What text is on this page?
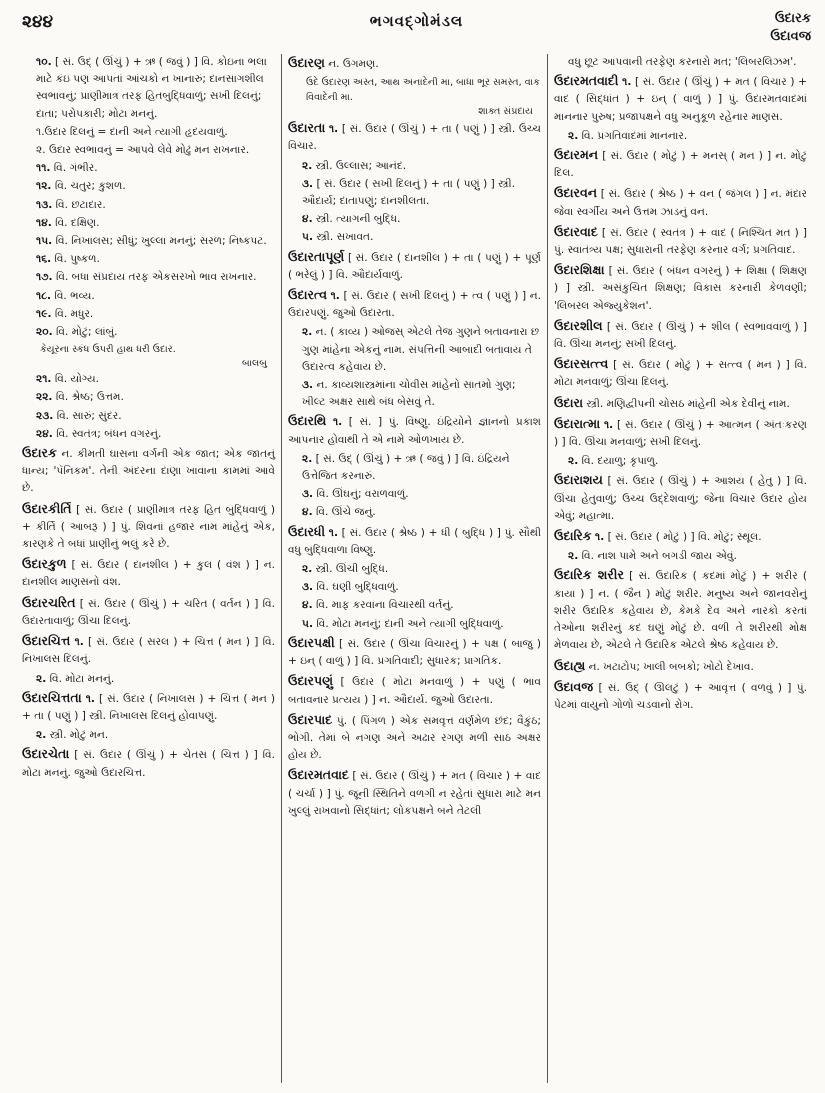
૨૪૪	ભગવદ્ગોમંડલ	ઉદારક
ઉદાવજ
૧૦. [ સં. ઉદ્ ( ઊંચું ) + ઋ ( જવું ) ] વિ. કોઇના ભલા માટે કંઇ પણ આપતાં આંચકો ન ખાનારું; દાનસાગશીલ સ્વભાવનું; પ્રાણીમાત્ર તરફ હિતબુદ્ધિવાળું; સખી દિલનું; દાતા; પરોપકારી; મોટા મનનું.
૧.ઉદાર દિલનું = દાની અને ત્યાગી હૃદયવાળું.
૨. ઉદાર સ્વભાવનું = આપવે લેવે મોઢું મન રાખનાર.
૧૧. વિ. ગંભીર.
૧૨. વિ. ચતુર; કુશળ.
૧૩. વિ. છટાદાર.
૧૪. વિ. દક્ષિણ.
૧૫. વિ. નિખાલસ; સીધું; ખુલ્લા મનનું; સરળ; નિષ્કપટ.
૧૬. વિ. પુષ્કળ.
૧૭. વિ. બધા સંપ્રદાય તરફ એકસરખો ભાવ રાખનાર.
૧૮. વિ. ભવ્ય.
૧૯. વિ. મધુર.
૨૦. વિ. મોટું; લાંબું.
કેયૂરના સ્કંધ ઉપરી હાથ ધરી ઉદાર.
બાલબુ
૨૧. વિ. યોગ્ય.
૨૨. વિ. શ્રેષ્ઠ; ઉત્તમ.
૨૩. વિ. સારું; સુંદર.
૨૪. વિ. સ્વતંત્ર; બંધન વગરનું.
ઉદારક ન. કીમતી ઘાસના વર્ગની એક જાત; એક જાતનું ધાન્ય; 'પૅનિકમ'. તેની અંદરના દાણા ખાવાના કામમાં આવે છે.
ઉદારકીર્તિ [ સં. ઉદાર ( પ્રાણીમાત્ર તરફ હિત બુદ્ધિવાળું ) + કીર્તિ ( આબરૂ ) ] પું. શિવનાં હજાર નામ માંહેનું એક, કારણકે તે બધાં પ્રાણીનું ભલું કરે છે.
ઉદારકુળ [ સં. ઉદાર ( દાનશીલ ) + કુલ ( વંશ ) ] ન. દાનશીલ માણસનો વંશ.
ઉદારચરિત [ સં. ઉદાર ( ઊંચું ) + ચરિત ( વર્તન ) ] વિ. ઉદારતાવાળું; ઊંચા દિલનું.
ઉદારચિત્ત ૧. [ સં. ઉદાર ( સરલ ) + ચિત્ત ( મન ) ] વિ. નિખાલસ દિલનું.
૨. વિ. મોટા મનનું.
ઉદારચિત્તતા ૧. [ સં. ઉદાર ( નિખાલસ ) + ચિત્ત ( મન ) + તા ( પણું ) ] સ્ત્રી. નિખાલસ દિલનું હોવાપણું.
૨. સ્ત્રી. મોટું મન.
ઉદારચેતા [ સં. ઉદાર ( ઊંચું ) + ચેતસ ( ચિત્ત ) ] વિ. મોટા મનનું. જુઓ ઉદારચિત્ત.
ઉદારણ ન. ઉગમણ.
ઉદે ઉદારણ અસ્ત, આથ અનાદેની મા, બાધા ભૂર સમસ્ત, વાક વિવાદેની મા.
શાક્ત સંપ્રદાય
ઉદારતા ૧. [ સં. ઉદાર ( ઊંચું ) + તા ( પણું ) ] સ્ત્રી. ઉચ્ચ વિચાર.
૨. સ્ત્રી. ઉલ્લાસ; આનંદ.
૩. [ સં. ઉદાર ( સખી દિલનું ) + તા ( પણું ) ] સ્ત્રી. ઔદાર્ય; દાતાપણું; દાનશીલતા.
૪. સ્ત્રી. ત્યાગની બુદ્ધિ.
૫. સ્ત્રી. સખાવત.
ઉદારતાપૂર્ણ [ સં. ઉદાર ( દાનશીલ ) + તા ( પણું ) + પૂર્ણ ( ભરેલું ) ] વિ. ઔદાર્યવાળું.
ઉદારત્વ ૧. [ સં. ઉદાર ( સખી દિલનું ) + ત્વ ( પણું ) ] ન. ઉદારપણું. જુઓ ઉદારતા.
૨. ન. ( કાવ્ય ) ઓજસ્ એટલે તેજ ગુણને બતાવનારા છ ગુણ માંહેના એકનું નામ. સંપત્તિની આબાદી બતાવાય તે ઉદારત્વ કહેવાય છે.
૩. ન. કાવ્યશાસ્ત્રમાંના ચોવીસ માંહેનો સાતમો ગુણ; ખીલ્ટ અક્ષર સાથે બંધ બેસવું તે.
ઉદારથિ ૧. [ સં. ] પું. વિષ્ણુ. ઇંદ્રિયોને જ્ઞાનનો પ્રકાશ આપનાર હોવાથી તે એ નામે ઓળખાય છે.
૨. [ સં. ઉદ્ ( ઊંચું ) + ઋ ( જવું ) ] વિ. ઇંદ્રિયને ઉત્તેજિત કરનારું.
૩. વિ. ઊંઘનું; વરાળવાળું.
૪. વિ. ઊંચે જનું.
ઉદારધી ૧. [ સં. ઉદાર ( શ્રેષ્ઠ ) + ધી ( બુદ્ધિ ) ] પું. સૌથી વધુ બુદ્ધિવાળા વિષ્ણુ.
૨. સ્ત્રી. ઊંચી બુદ્ધિ.
૩. વિ. ઘણી બુદ્ધિવાળું.
૪. વિ. માફ કરવાના વિચારથી વર્તનું.
૫. વિ. મોટા મનનું; દાની અને ત્યાગી બુદ્ધિવાળું.
ઉદારપક્ષી [ સં. ઉદાર ( ઊંચા વિચારનું ) + પક્ષ ( બાજુ ) + ઇન્ ( વાળું ) ] વિ. પ્રગતિવાદી; સુધારક; પ્રાગતિક.
ઉદારપણું [ ઉદાર ( મોટા મનવાળું ) + પણું ( ભાવ બતાવનાર પ્રત્યય ) ] ન. ઔદાર્ય. જુઓ ઉદારતા.
ઉદારપાદ પું. ( પિંગળ ) એક સમવૃત્ત વર્ણમેળ છંદ; વૈકુંઠ; ભોગી. તેમાં બે નગણ અને અઢાર રગણ મળી સાઠ અક્ષર હોય છે.
ઉદારમતવાદ [ સં. ઉદાર ( ઊંચું ) + મત ( વિચાર ) + વાદ ( ચર્ચા ) ] પું. જૂની સ્થિતિને વળગી ન રહેતાં સુધારા માટે મન ખુલ્લું રાખવાનો સિદ્ધાંત; લોકપક્ષને બને તેટલી
વધુ છૂટ આપવાની તરફેણ કરનારો મત; 'લિબરલિઝમ'.
ઉદારમતવાદી ૧. [ સં. ઉદાર ( ઊંચું ) + મત ( વિચાર ) + વાદ ( સિદ્ધાંત ) + ઇન્ ( વાળું ) ] પું. ઉદારમતવાદમાં માનનાર પુરુષ; પ્રજાપક્ષને વધુ અનુકૂળ રહેનાર માણસ.
૨. વિ. પ્રગતિવાદમાં માનનાર.
ઉદારમન [ સં. ઉદાર ( મોટું ) + મનસ્ ( મન ) ] ન. મોટું દિલ.
ઉદારવન [ સં. ઉદાર ( શ્રેષ્ઠ ) + વન ( જંગલ ) ] ન. મંદાર જેવા સ્વર્ગીય અને ઉત્તમ ઝાડનું વન.
ઉદારવાદ [ સં. ઉદાર ( સ્વતંત્ર ) + વાદ ( નિશ્ચિત મત ) ] પું. સ્વાતંત્ર્ય પક્ષ; સુધારાની તરફેણ કરનાર વર્ગ; પ્રગતિવાદ.
ઉદારશિક્ષા [ સં. ઉદાર ( બંધન વગરનું ) + શિક્ષા ( શિક્ષણ ) ] સ્ત્રી. અસંકુચિત શિક્ષણ; વિકાસ કરનારી કેળવણી; 'લિબરલ એજ્યુકેશન'.
ઉદારશીલ [ સં. ઉદાર ( ઊંચું ) + શીલ ( સ્વભાવવાળું ) ] વિ. ઊંચા મનનું; સખી દિલનું.
ઉદારસત્ત્વ [ સં. ઉદાર ( મોટું ) + સત્ત્વ ( મન ) ] વિ. મોટા મનવાળું; ઊંચા દિલનું.
ઉદારા સ્ત્રી. મણિદ્વીપની ચોસઠ માંહેની એક દેવીનું નામ.
ઉદારાત્મા ૧. [ સં. ઉદાર ( ઊંચું ) + આત્મન ( અંતઃકરણ ) ] વિ. ઊંચા મનવાળું; સખી દિલનું.
૨. વિ. દયાળુ; કૃપાળુ.
ઉદારાશય [ સં. ઉદાર ( ઊંચું ) + આશય ( હેતુ ) ] વિ. ઊંચા હેતુવાળું; ઉચ્ચ ઉદ્દેશવાળું; જેના વિચાર ઉદાર હોય એવું; મહાત્મા.
ઉદારિક ૧. [ સં. ઉદાર ( મોટું ) ] વિ. મોટું; સ્થૂલ.
૨. વિ. નાશ પામે અને બગડી જાય એવું.
ઉદારિક શરીર [ સં. ઉદારિક ( કદમાં મોટું ) + શરીર ( કાયા ) ] ન. ( જૈન ) મોટું શરીર. મનુષ્ય અને જાનવરોનું શરીર ઉદારિક કહેવાય છે, કેમકે દેવ અને નારકો કરતાં તેઓના શરીરનું કદ ઘણું મોટું છે. વળી તે શરીરથી મોક્ષ મેળવાય છે, એટલે તે ઉદારિક એટલે શ્રેષ્ઠ કહેવાય છે.
ઉદાહ્ય ન. ખટાટોપ; ખાલી બબકો; ખોટો દેખાવ.
ઉદાવજ [ સં. ઉદ્ ( ઊલટું ) + આવૃત્ત ( વળવું ) ] પું. પેટમાં વાયુનો ગોળો ચડવાનો રોગ.
